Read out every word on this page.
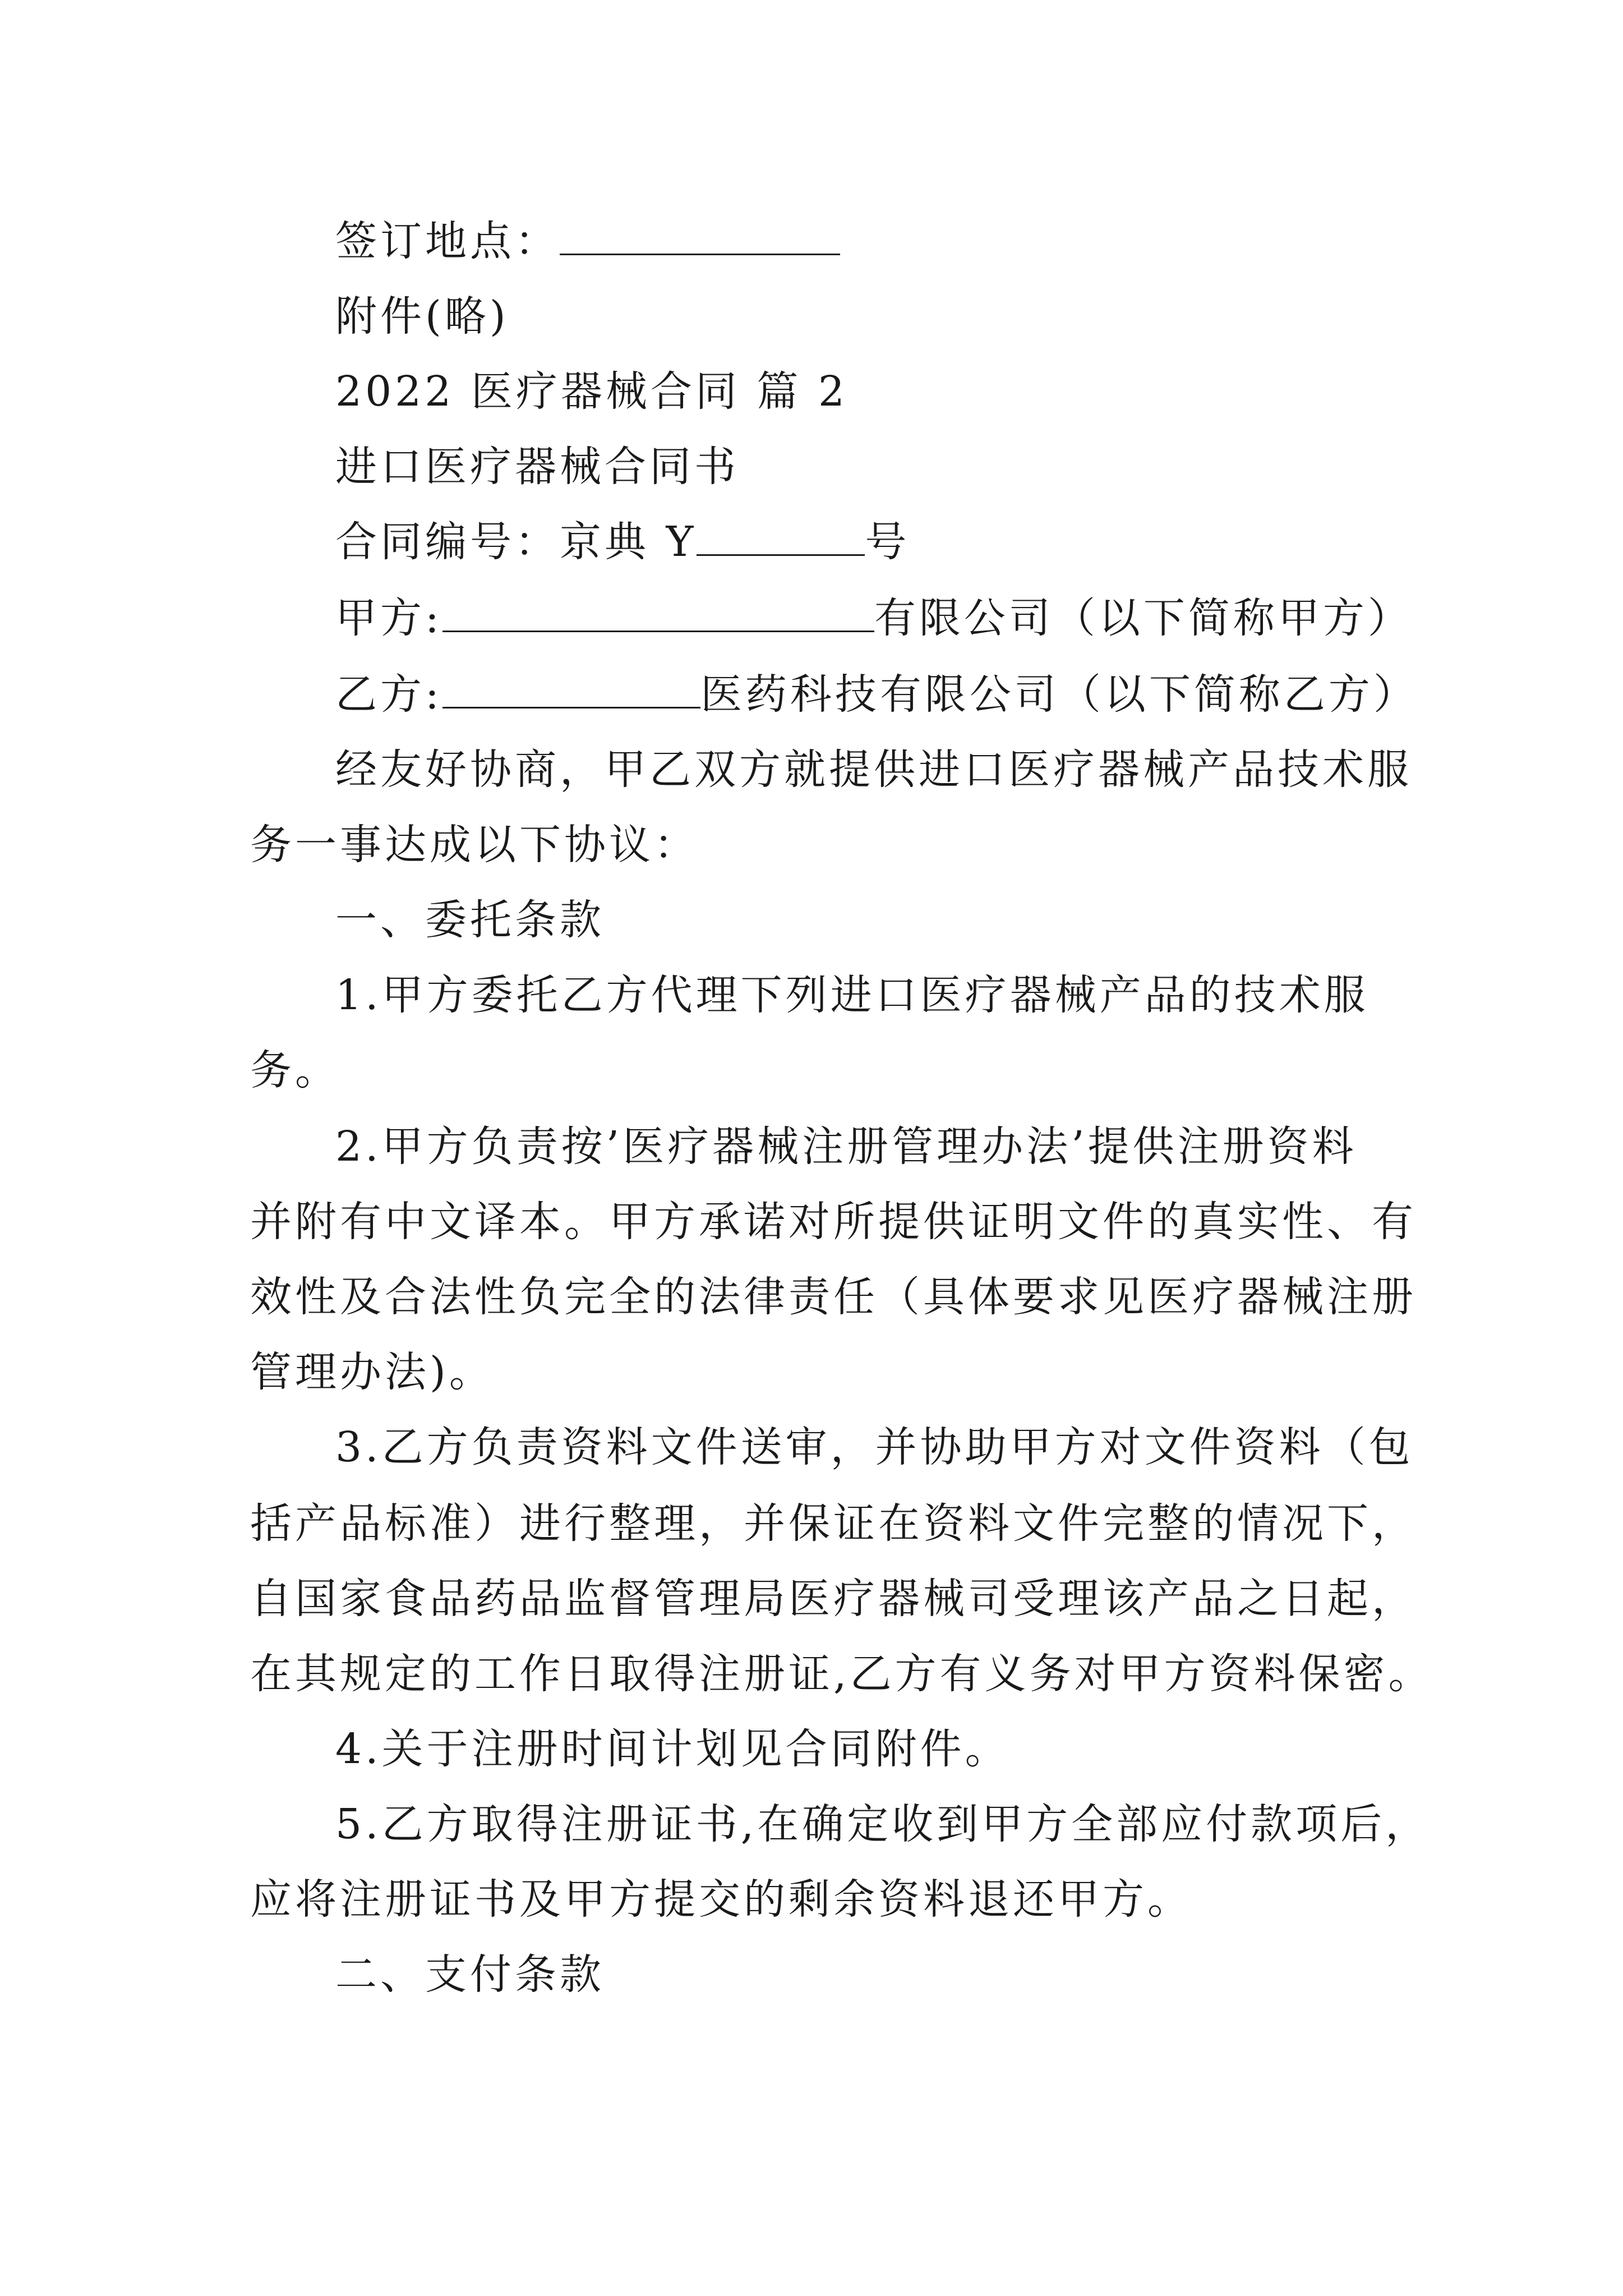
签订地点：
附件(略)
2022 医疗器械合同 篇 2
进口医疗器械合同书
合同编号：京典 Y	号
甲方:	有限公司（以下简称甲方）
乙方:	医药科技有限公司（以下简称乙方）
经友好协商，甲乙双方就提供进口医疗器械产品技术服
务一事达成以下协议：
一、委托条款
1.甲方委托乙方代理下列进口医疗器械产品的技术服
务。
2.甲方负责按’医疗器械注册管理办法’提供注册资料
并附有中文译本。甲方承诺对所提供证明文件的真实性、有
效性及合法性负完全的法律责任（具体要求见医疗器械注册
管理办法)。
3.乙方负责资料文件送审，并协助甲方对文件资料（包
括产品标准）进行整理，并保证在资料文件完整的情况下，
自国家食品药品监督管理局医疗器械司受理该产品之日起，
在其规定的工作日取得注册证,乙方有义务对甲方资料保密。
4.关于注册时间计划见合同附件。
5.乙方取得注册证书,在确定收到甲方全部应付款项后，
应将注册证书及甲方提交的剩余资料退还甲方。
二、支付条款
